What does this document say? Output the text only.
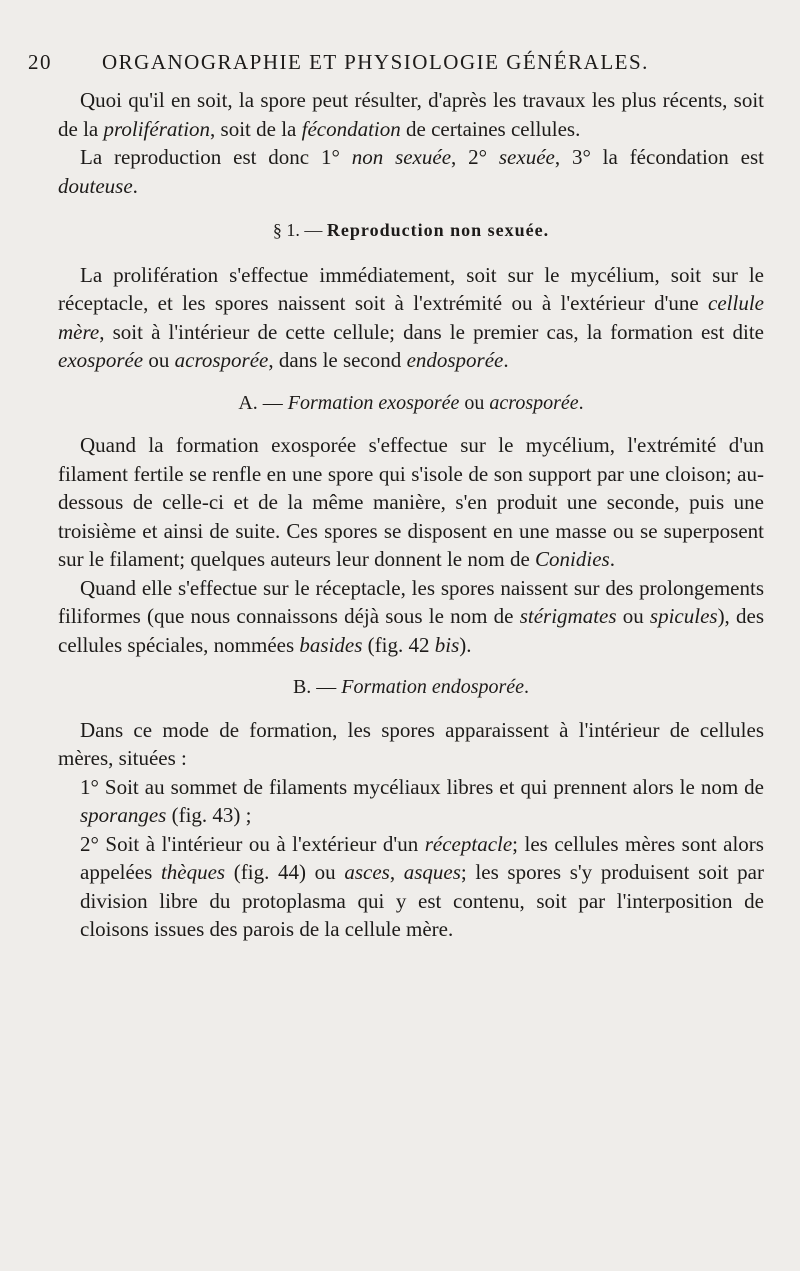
20 ORGANOGRAPHIE ET PHYSIOLOGIE GÉNÉRALES.

Quoi qu'il en soit, la spore peut résulter, d'après les travaux les plus récents, soit de la prolifération, soit de la fécondation de certaines cellules.

La reproduction est donc 1° non sexuée, 2° sexuée, 3° la fécondation est douteuse.

§ 1. — Reproduction non sexuée.

La prolifération s'effectue immédiatement, soit sur le mycélium, soit sur le réceptacle, et les spores naissent soit à l'extrémité ou à l'extérieur d'une cellule mère, soit à l'intérieur de cette cellule; dans le premier cas, la formation est dite exosporée ou acrosporée, dans le second endosporée.

A. — Formation exosporée ou acrosporée.

Quand la formation exosporée s'effectue sur le mycélium, l'extrémité d'un filament fertile se renfle en une spore qui s'isole de son support par une cloison; au-dessous de celle-ci et de la même manière, s'en produit une seconde, puis une troisième et ainsi de suite. Ces spores se disposent en une masse ou se superposent sur le filament; quelques auteurs leur donnent le nom de Conidies.

Quand elle s'effectue sur le réceptacle, les spores naissent sur des prolongements filiformes (que nous connaissons déjà sous le nom de stérigmates ou spicules), des cellules spéciales, nommées basides (fig. 42 bis).

B. — Formation endosporée.

Dans ce mode de formation, les spores apparaissent à l'intérieur de cellules mères, situées :

1° Soit au sommet de filaments mycéliaux libres et qui prennent alors le nom de sporanges (fig. 43) ;

2° Soit à l'intérieur ou à l'extérieur d'un réceptacle; les cellules mères sont alors appelées thèques (fig. 44) ou asces, asques; les spores s'y produisent soit par division libre du protoplasma qui y est contenu, soit par l'interposition de cloisons issues des parois de la cellule mère.
